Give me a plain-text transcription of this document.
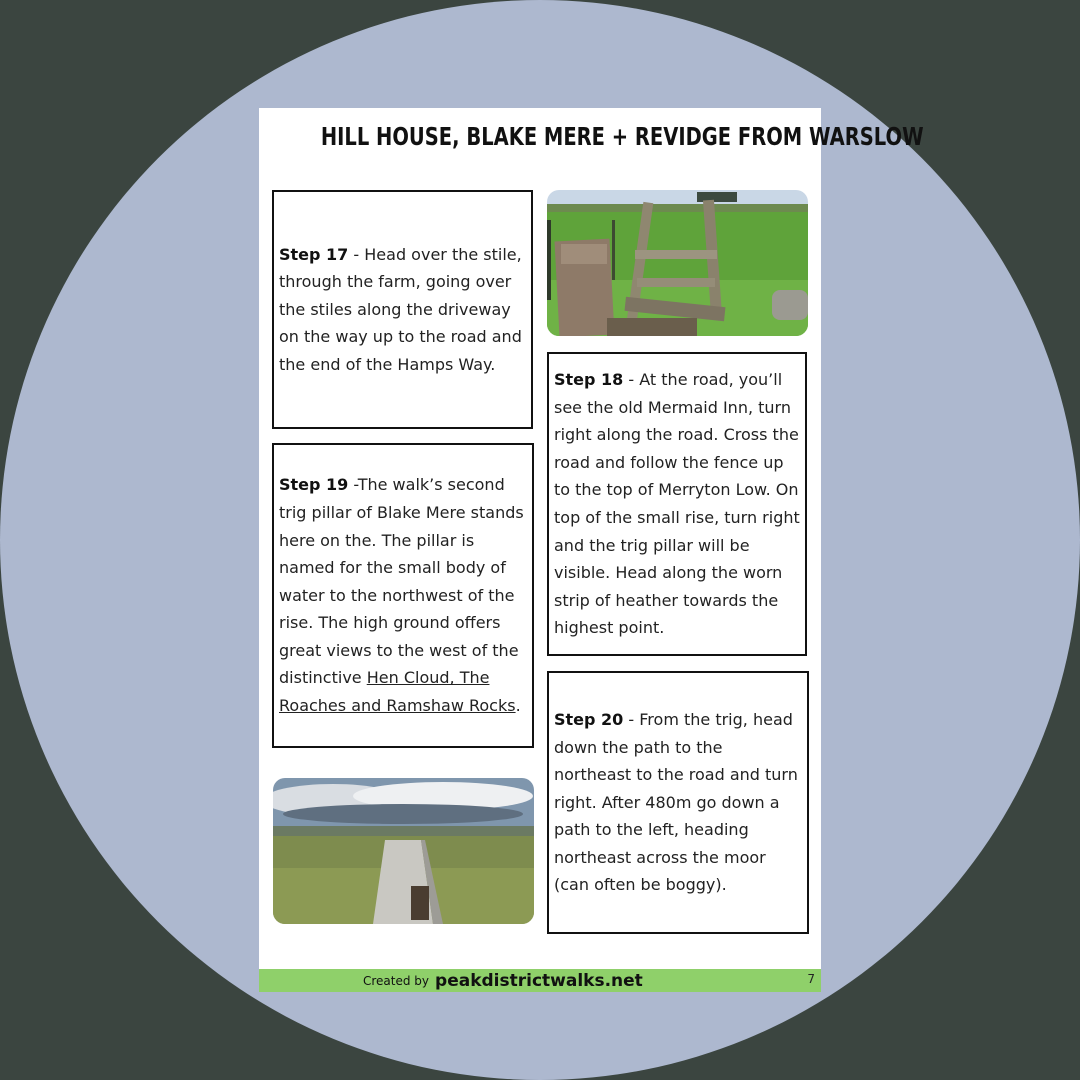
HILL HOUSE, BLAKE MERE + REVIDGE FROM WARSLOW

Step 17 - Head over the stile, through the farm, going over the stiles along the driveway on the way up to the road and the end of the Hamps Way.

Step 18 - At the road, you’ll see the old Mermaid Inn, turn right along the road. Cross the road and follow the fence up to the top of Merryton Low. On top of the small rise, turn right and the trig pillar will be visible. Head along the worn strip of heather towards the highest point.

Step 19 -The walk’s second trig pillar of Blake Mere stands here on the. The pillar is named for the small body of water to the northwest of the rise. The high ground offers great views to the west of the distinctive Hen Cloud, The Roaches and Ramshaw Rocks.

Step 20 - From the trig, head down the path to the northeast to the road and turn right. After 480m go down a path to the left, heading northeast across the moor (can often be boggy).

Created by peakdistrictwalks.net	7
